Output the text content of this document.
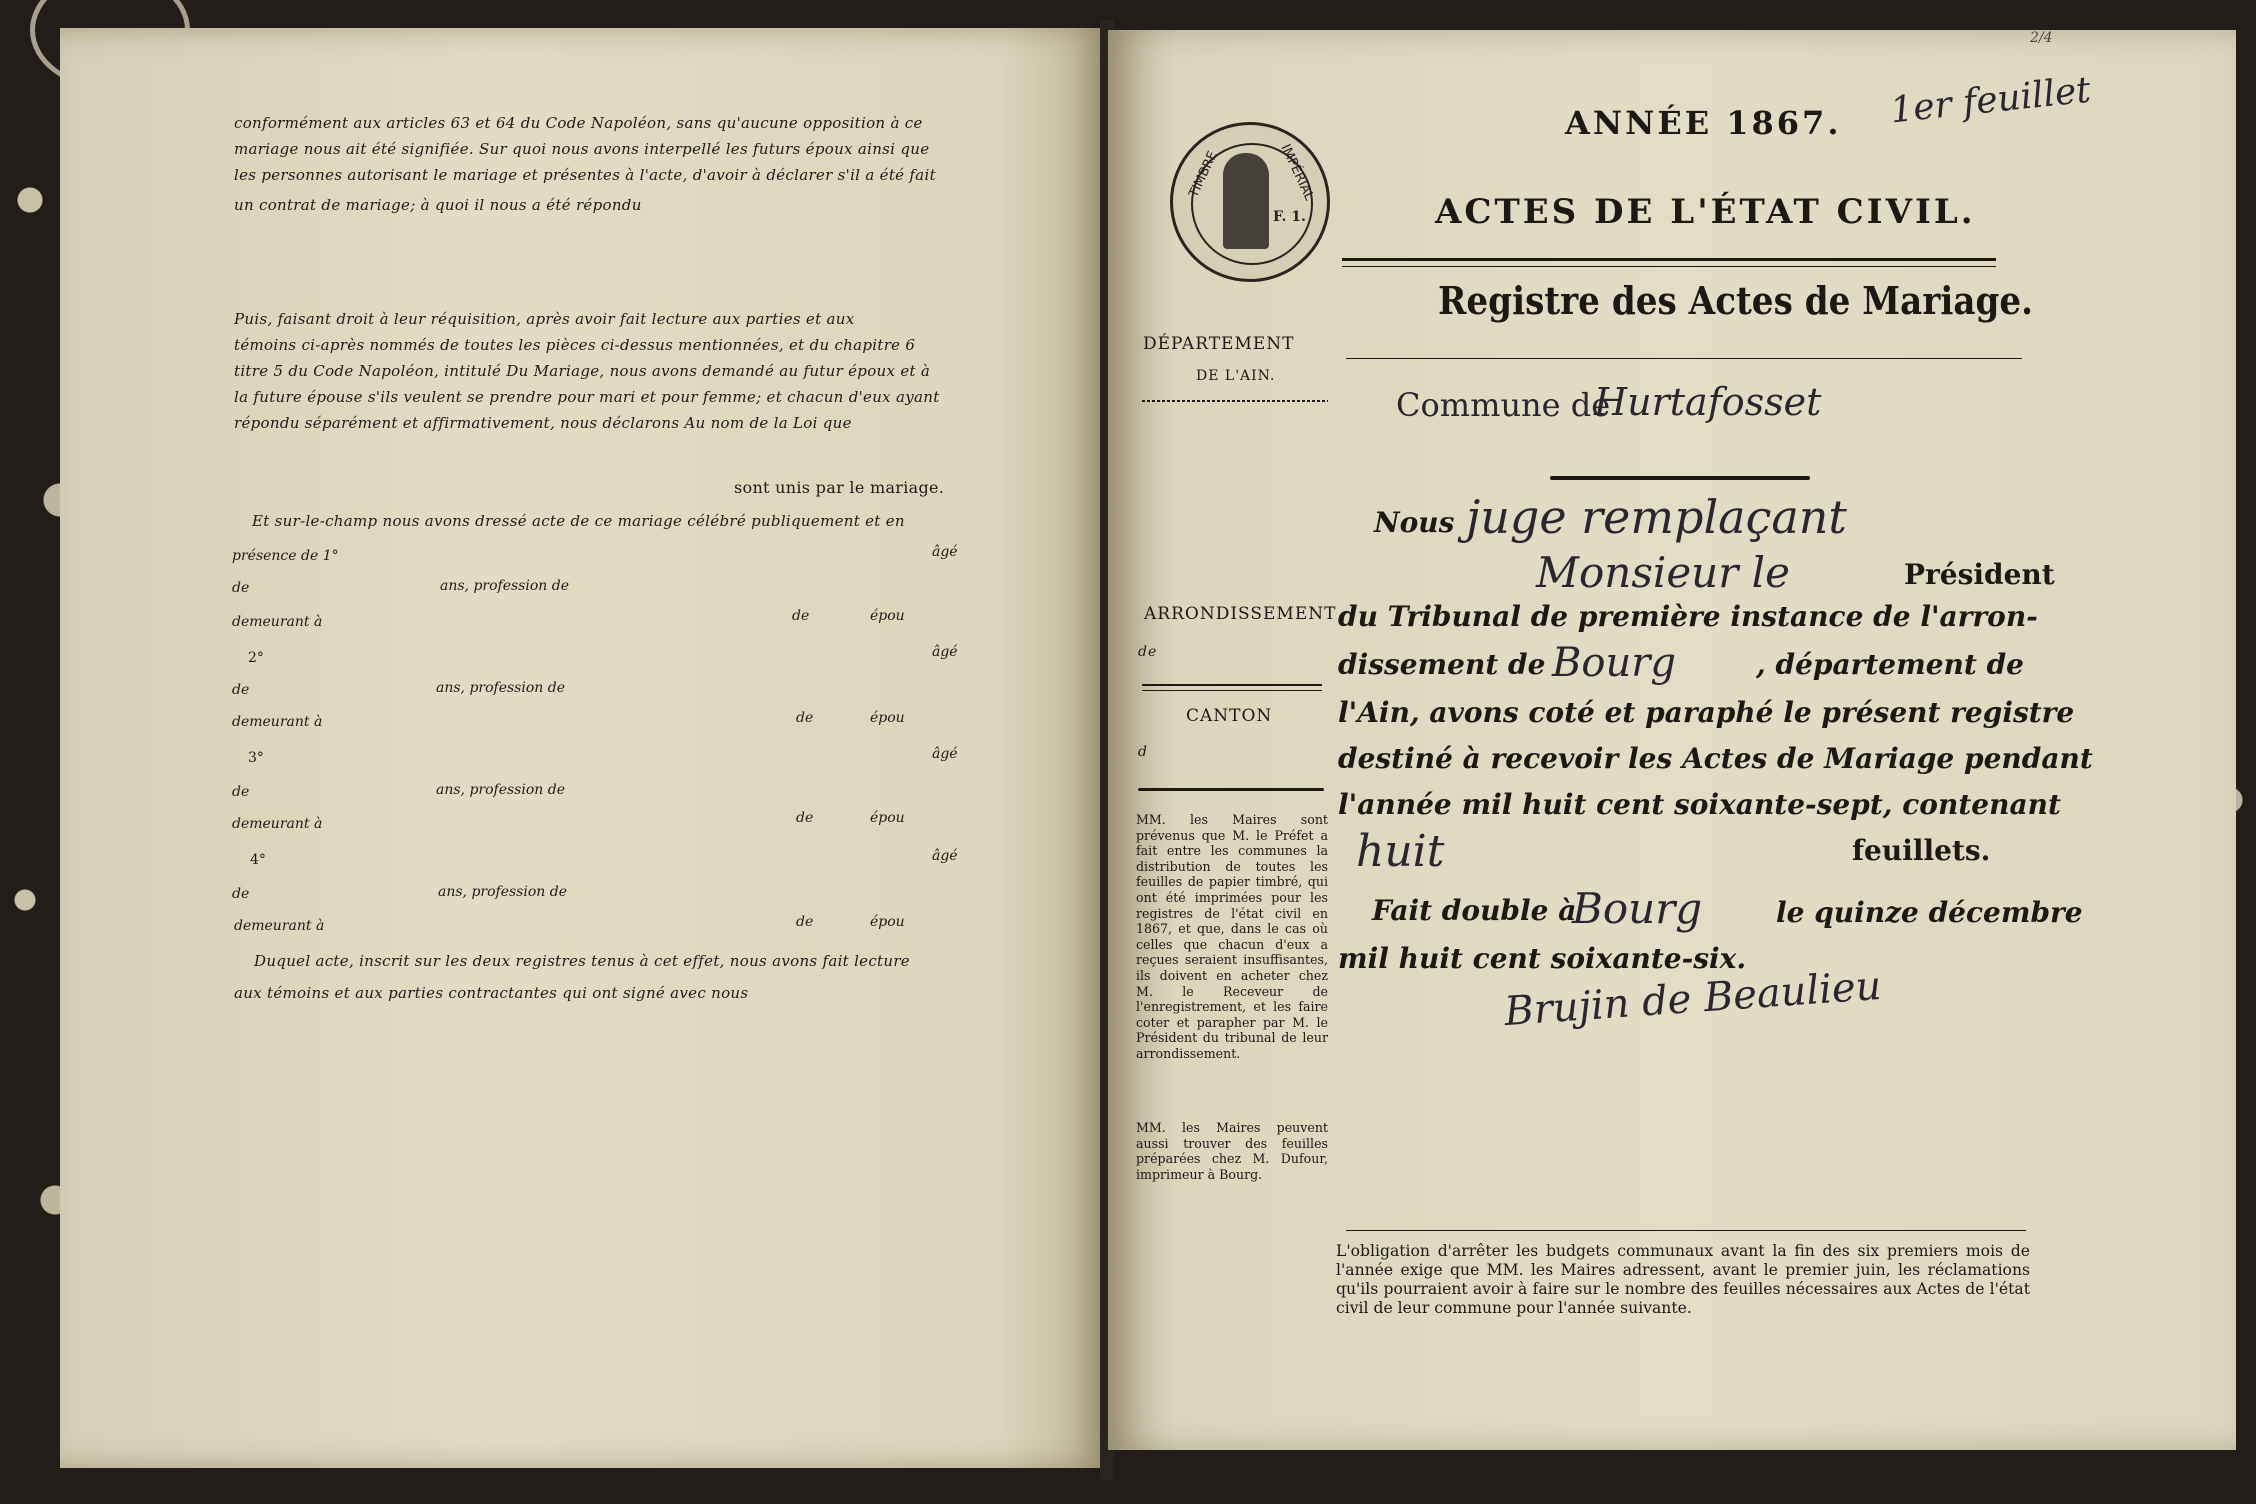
conformément aux articles 63 et 64 du Code Napoléon, sans qu'aucune opposition à ce
mariage nous ait été signifiée. Sur quoi nous avons interpellé les futurs époux ainsi que
les personnes autorisant le mariage et présentes à l'acte, d'avoir à déclarer s'il a été fait
un contrat de mariage; à quoi il nous a été répondu
Puis, faisant droit à leur réquisition, après avoir fait lecture aux parties et aux
témoins ci-après nommés de toutes les pièces ci-dessus mentionnées, et du chapitre 6
titre 5 du Code Napoléon, intitulé Du Mariage, nous avons demandé au futur époux et à
la future épouse s'ils veulent se prendre pour mari et pour femme; et chacun d'eux ayant
répondu séparément et affirmativement, nous déclarons Au nom de la Loi que
sont unis par le mariage.
Et sur-le-champ nous avons dressé acte de ce mariage célébré publiquement et en
présence de 1°	âgé
de	ans, profession de
demeurant à	de	épou
2°	âgé
de	ans, profession de
demeurant à	de	épou
3°	âgé
de	ans, profession de
demeurant à	de	épou
4°	âgé
de	ans, profession de
demeurant à	de	épou
Duquel acte, inscrit sur les deux registres tenus à cet effet, nous avons fait lecture
aux témoins et aux parties contractantes qui ont signé avec nous
TIMBRE	IMPÉRIAL
F. 1.
1er feuillet
2/4
ANNÉE 1867.
ACTES DE L'ÉTAT CIVIL.
Registre des Actes de Mariage.
DÉPARTEMENT
DE L'AIN.
Commune de
Hurtafosset
Nous juge remplaçant
Monsieur le	Président
ARRONDISSEMENT
de
CANTON
d
du Tribunal de première instance de l'arron-
dissement de Bourg	, département de
l'Ain, avons coté et paraphé le présent registre
destiné à recevoir les Actes de Mariage pendant
l'année mil huit cent soixante-sept, contenant
huit	feuillets.
Fait double à
Bourg	le quinze décembre
mil huit cent soixante-six.
Brujin de Beaulieu
MM. les Maires sont prévenus que M. le Préfet a fait entre les communes la distribution de toutes les feuilles de papier timbré, qui ont été imprimées pour les registres de l'état civil en 1867, et que, dans le cas où celles que chacun d'eux a reçues seraient insuffisantes, ils doivent en acheter chez M. le Receveur de l'enregistrement, et les faire coter et parapher par M. le Président du tribunal de leur arrondissement.
MM. les Maires peuvent aussi trouver des feuilles préparées chez M. Dufour, imprimeur à Bourg.
L'obligation d'arrêter les budgets communaux avant la fin des six premiers mois de l'année exige que MM. les Maires adressent, avant le premier juin, les réclamations qu'ils pourraient avoir à faire sur le nombre des feuilles nécessaires aux Actes de l'état civil de leur commune pour l'année suivante.
